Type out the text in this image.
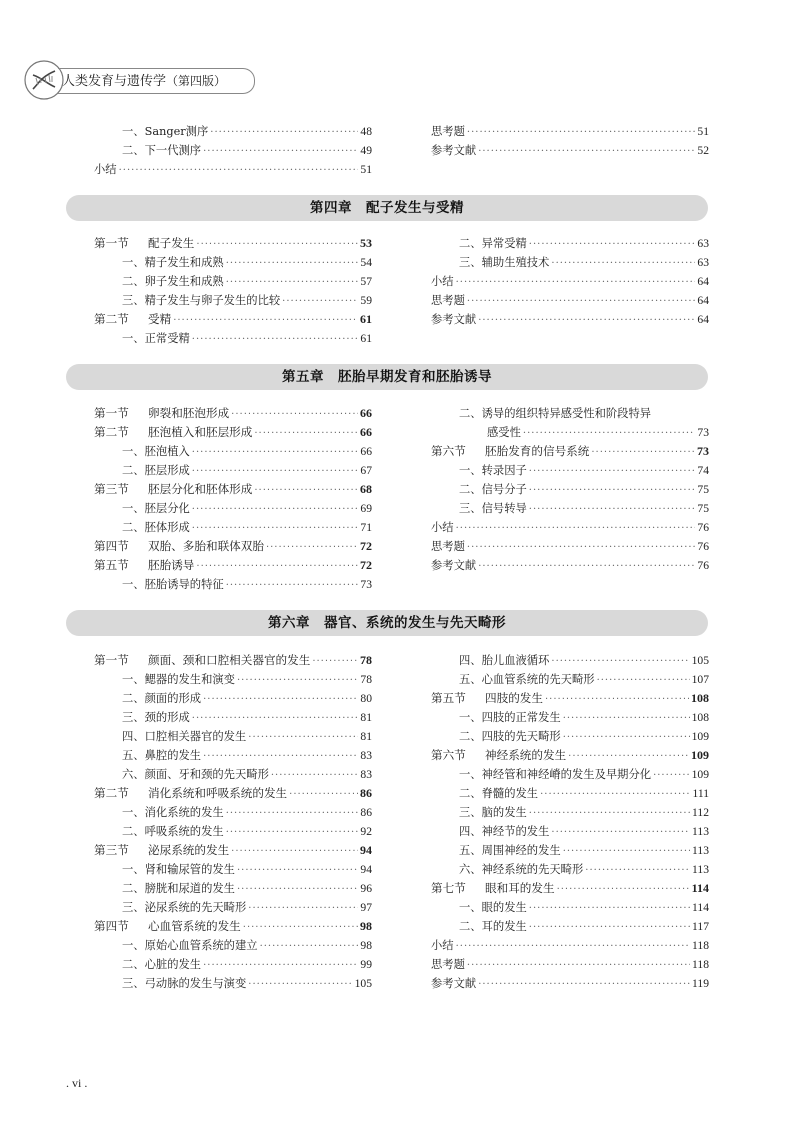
人类发育与遗传学（第四版）
一、Sanger测序 ·····	48
二、下一代测序 ·····	49
小结 ·····	51
思考题 ·····	51
参考文献 ·····	52
第四章　配子发生与受精
第一节 配子发生 ·····	53
一、精子发生和成熟 ·····	54
二、卵子发生和成熟 ·····	57
三、精子发生与卵子发生的比较 ·····	59
第二节 受精 ·····	61
一、正常受精 ·····	61
二、异常受精 ·····	63
三、辅助生殖技术 ·····	63
小结 ·····	64
思考题 ·····	64
参考文献 ·····	64
第五章　胚胎早期发育和胚胎诱导
第一节 卵裂和胚泡形成 ·····	66
第二节 胚泡植入和胚层形成 ·····	66
一、胚泡植入 ·····	66
二、胚层形成 ·····	67
第三节 胚层分化和胚体形成 ·····	68
一、胚层分化 ·····	69
二、胚体形成 ·····	71
第四节 双胎、多胎和联体双胎 ·····	72
第五节 胚胎诱导 ·····	72
一、胚胎诱导的特征 ·····	73
二、诱导的组织特异感受性和阶段特异
感受性 ·····	73
第六节 胚胎发育的信号系统 ·····	73
一、转录因子 ·····	74
二、信号分子 ·····	75
三、信号转导 ·····	75
小结 ·····	76
思考题 ·····	76
参考文献 ·····	76
第六章　器官、系统的发生与先天畸形
第一节 颜面、颈和口腔相关器官的发生 ·····	78
一、鳃器的发生和演变 ·····	78
二、颜面的形成 ·····	80
三、颈的形成 ·····	81
四、口腔相关器官的发生 ·····	81
五、鼻腔的发生 ·····	83
六、颜面、牙和颈的先天畸形 ·····	83
第二节 消化系统和呼吸系统的发生 ·····	86
一、消化系统的发生 ·····	86
二、呼吸系统的发生 ·····	92
第三节 泌尿系统的发生 ·····	94
一、肾和输尿管的发生 ·····	94
二、膀胱和尿道的发生 ·····	96
三、泌尿系统的先天畸形 ·····	97
第四节 心血管系统的发生 ·····	98
一、原始心血管系统的建立 ·····	98
二、心脏的发生 ·····	99
三、弓动脉的发生与演变 ·····	105
四、胎儿血液循环 ·····	105
五、心血管系统的先天畸形 ·····	107
第五节 四肢的发生 ·····	108
一、四肢的正常发生 ·····	108
二、四肢的先天畸形 ·····	109
第六节 神经系统的发生 ·····	109
一、神经管和神经嵴的发生及早期分化 ·····	109
二、脊髓的发生 ·····	111
三、脑的发生 ·····	112
四、神经节的发生 ·····	113
五、周围神经的发生 ·····	113
六、神经系统的先天畸形 ·····	113
第七节 眼和耳的发生 ·····	114
一、眼的发生 ·····	114
二、耳的发生 ·····	117
小结 ·····	118
思考题 ·····	118
参考文献 ·····	119
. vi .
